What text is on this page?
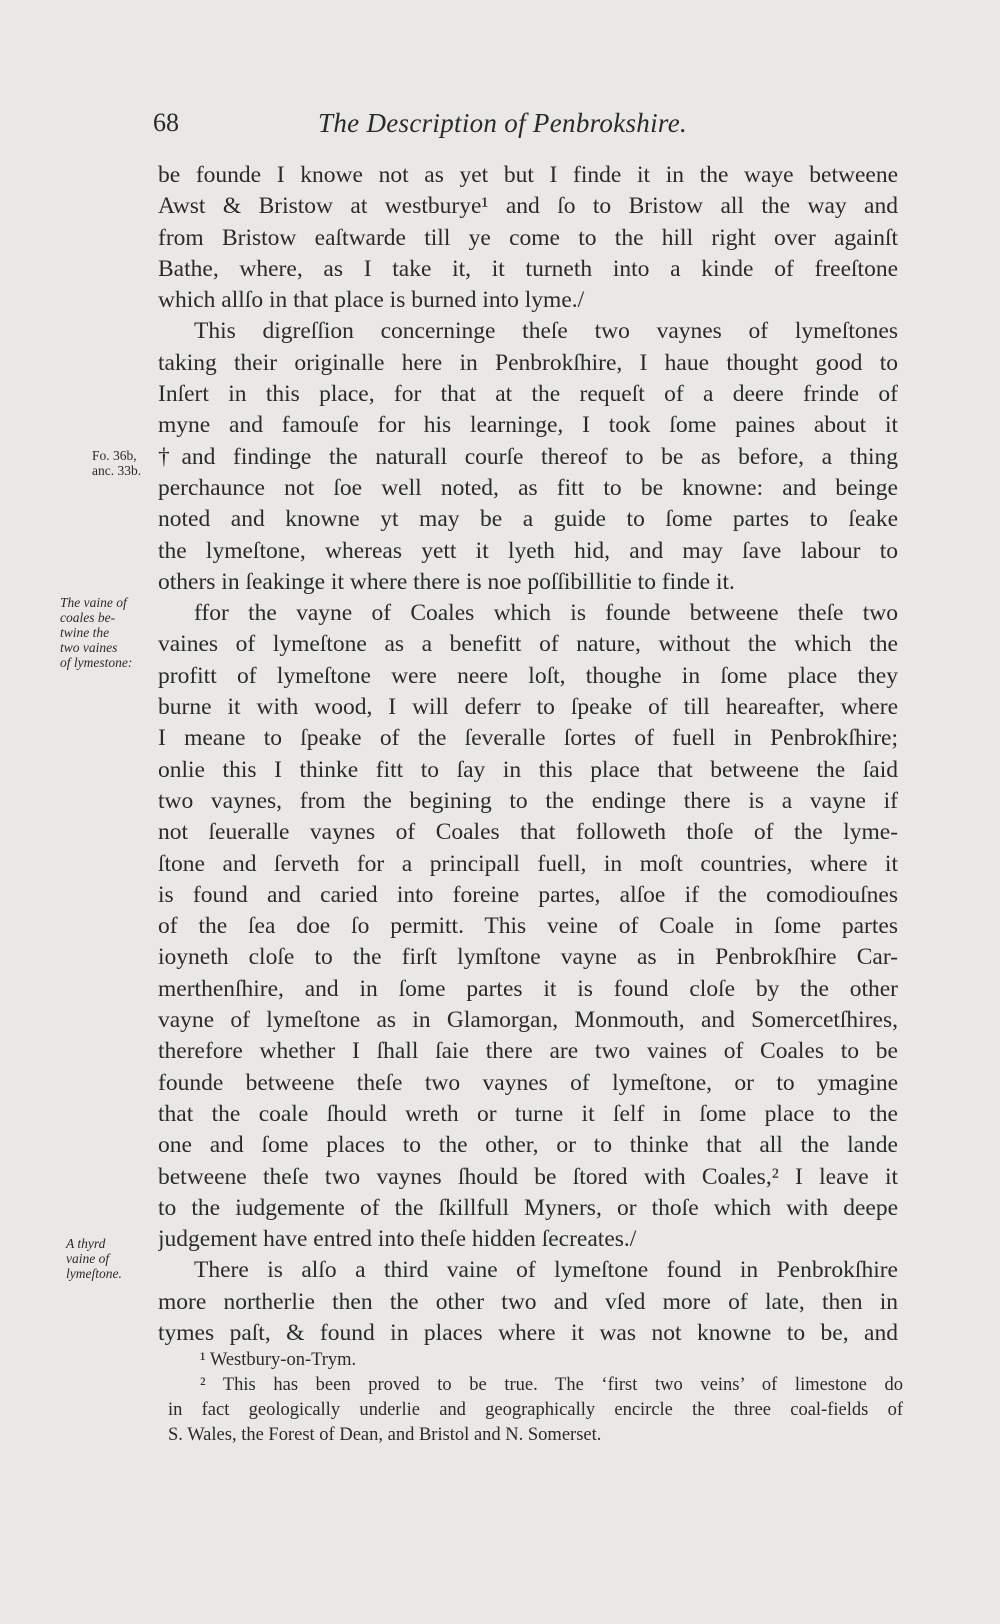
68	The Description of Penbrokshire.
be founde I knowe not as yet but I finde it in the waye betweene
Awst & Bristow at westburye¹ and ſo to Bristow all the way and
from Bristow eaſtwarde till ye come to the hill right over againſt
Bathe, where, as I take it, it turneth into a kinde of freeſtone
which allſo in that place is burned into lyme./
This digreſſion concerninge theſe two vaynes of lymeſtones
taking their originalle here in Penbrokſhire, I haue thought good to
Inſert in this place, for that at the requeſt of a deere frinde of
myne and famouſe for his learninge, I took ſome paines about it
†and findinge the naturall courſe thereof to be as before, a thing
perchaunce not ſoe well noted, as fitt to be knowne: and beinge
noted and knowne yt may be a guide to ſome partes to ſeake
the lymeſtone, whereas yett it lyeth hid, and may ſave labour to
others in ſeakinge it where there is noe poſſibillitie to finde it.
ffor the vayne of Coales which is founde betweene theſe two
vaines of lymeſtone as a benefitt of nature, without the which the
profitt of lymeſtone were neere loſt, thoughe in ſome place they
burne it with wood, I will deferr to ſpeake of till heareafter, where
I meane to ſpeake of the ſeveralle ſortes of fuell in Penbrokſhire;
onlie this I thinke fitt to ſay in this place that betweene the ſaid
two vaynes, from the begining to the endinge there is a vayne if
not ſeueralle vaynes of Coales that followeth thoſe of the lyme-
ſtone and ſerveth for a principall fuell, in moſt countries, where it
is found and caried into foreine partes, alſoe if the comodiouſnes
of the ſea doe ſo permitt. This veine of Coale in ſome partes
ioyneth cloſe to the firſt lymſtone vayne as in Penbrokſhire Car-
merthenſhire, and in ſome partes it is found cloſe by the other
vayne of lymeſtone as in Glamorgan, Monmouth, and Somercetſhires,
therefore whether I ſhall ſaie there are two vaines of Coales to be
founde betweene theſe two vaynes of lymeſtone, or to ymagine
that the coale ſhould wreth or turne it ſelf in ſome place to the
one and ſome places to the other, or to thinke that all the lande
betweene theſe two vaynes ſhould be ſtored with Coales,² I leave it
to the iudgemente of the ſkillfull Myners, or thoſe which with deepe
judgement have entred into theſe hidden ſecreates./
There is alſo a third vaine of lymeſtone found in Penbrokſhire
more northerlie then the other two and vſed more of late, then in
tymes paſt, & found in places where it was not knowne to be, and
Fo. 36b,
anc. 33b.
The vaine of
coales be-
twine the
two vaines
of lymestone:
A thyrd
vaine of
lymeſtone.
¹ Westbury-on-Trym.
² This has been proved to be true. The ‘first two veins’ of limestone do
in fact geologically underlie and geographically encircle the three coal-fields of
S. Wales, the Forest of Dean, and Bristol and N. Somerset.
